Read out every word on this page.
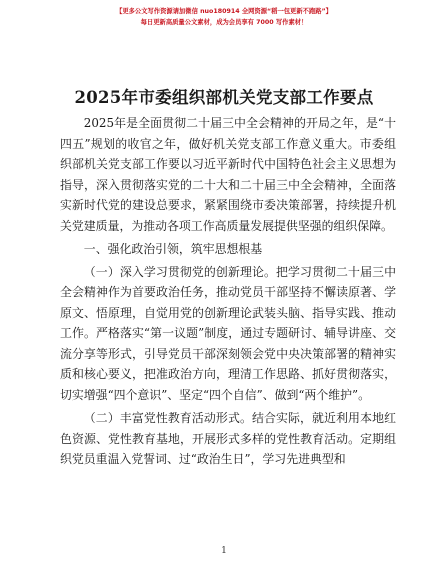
【更多公文写作资源请加微信 nuo180914 全网资源“稻一包更新不跑路”】
每日更新高质量公文素材，成为会员享有 7000 写作素材！
2025年市委组织部机关党支部工作要点

2025年是全面贯彻二十届三中全会精神的开局之年，是“十四五”规划的收官之年，做好机关党支部工作意义重大。市委组织部机关党支部工作要以习近平新时代中国特色社会主义思想为指导，深入贯彻落实党的二十大和二十届三中全会精神，全面落实新时代党的建设总要求，紧紧围绕市委决策部署，持续提升机关党建质量，为推动各项工作高质量发展提供坚强的组织保障。

一、强化政治引领，筑牢思想根基

（一）深入学习贯彻党的创新理论。把学习贯彻二十届三中全会精神作为首要政治任务，推动党员干部坚持不懈读原著、学原文、悟原理，自觉用党的创新理论武装头脑、指导实践、推动工作。严格落实“第一议题”制度，通过专题研讨、辅导讲座、交流分享等形式，引导党员干部深刻领会党中央决策部署的精神实质和核心要义，把准政治方向，理清工作思路、抓好贯彻落实，切实增强“四个意识”、坚定“四个自信”、做到“两个维护”。

（二）丰富党性教育活动形式。结合实际，就近利用本地红色资源、党性教育基地，开展形式多样的党性教育活动。定期组织党员重温入党誓词、过“政治生日”，学习先进典型和

1
